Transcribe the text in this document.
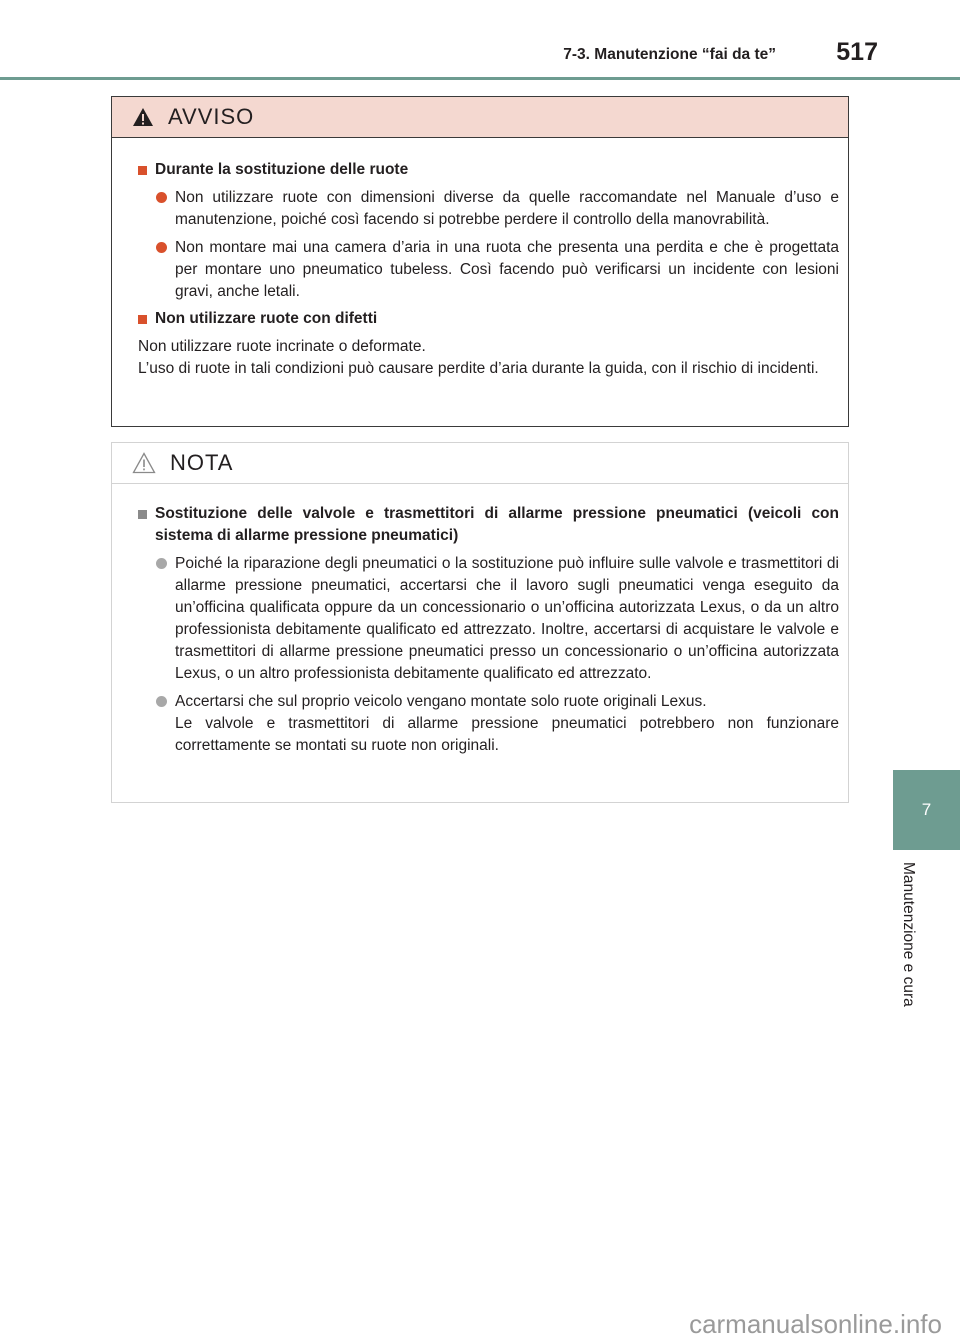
7-3. Manutenzione “fai da te” 517
7
Manutenzione e cura
AVVISO
Durante la sostituzione delle ruote
Non utilizzare ruote con dimensioni diverse da quelle raccomandate nel Manuale d’uso e manutenzione, poiché così facendo si potrebbe perdere il controllo della manovrabilità.
Non montare mai una camera d’aria in una ruota che presenta una perdita e che è progettata per montare uno pneumatico tubeless. Così facendo può verificarsi un incidente con lesioni gravi, anche letali.
Non utilizzare ruote con difetti
Non utilizzare ruote incrinate o deformate.
L’uso di ruote in tali condizioni può causare perdite d’aria durante la guida, con il rischio di incidenti.
NOTA
Sostituzione delle valvole e trasmettitori di allarme pressione pneumatici (veicoli con sistema di allarme pressione pneumatici)
Poiché la riparazione degli pneumatici o la sostituzione può influire sulle valvole e trasmettitori di allarme pressione pneumatici, accertarsi che il lavoro sugli pneumatici venga eseguito da un’officina qualificata oppure da un concessionario o un’officina autorizzata Lexus, o da un altro professionista debitamente qualificato ed attrezzato. Inoltre, accertarsi di acquistare le valvole e trasmettitori di allarme pressione pneumatici presso un concessionario o un’officina autorizzata Lexus, o un altro professionista debitamente qualificato ed attrezzato.
Accertarsi che sul proprio veicolo vengano montate solo ruote originali Lexus.
Le valvole e trasmettitori di allarme pressione pneumatici potrebbero non funzionare correttamente se montati su ruote non originali.
carmanualsonline.info
